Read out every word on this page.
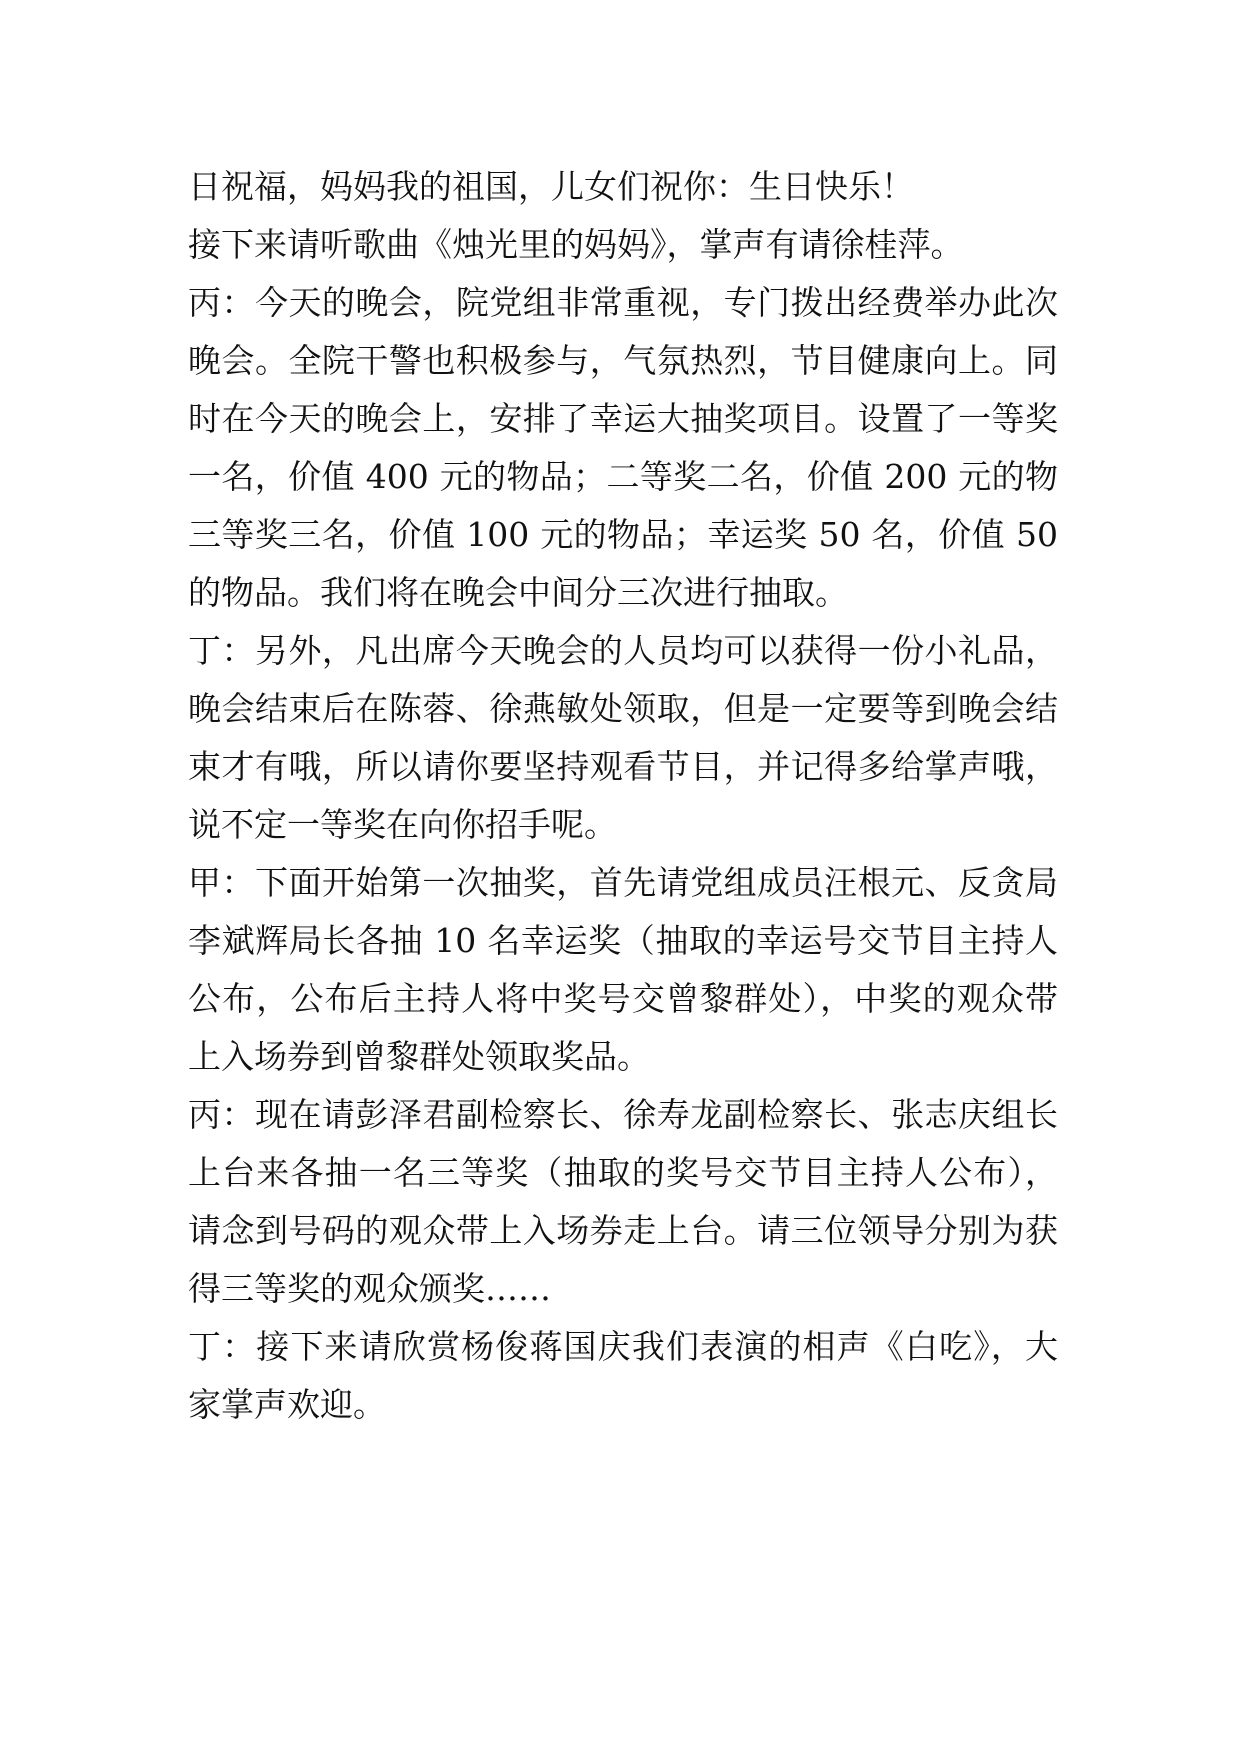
日祝福，妈妈我的祖国，儿女们祝你：生日快乐！
接下来请听歌曲《烛光里的妈妈》，掌声有请徐桂萍。
丙：今天的晚会，院党组非常重视，专门拨出经费举办此次
晚会。全院干警也积极参与，气氛热烈，节目健康向上。同
时在今天的晚会上，安排了幸运大抽奖项目。设置了一等奖
一名，价值 400 元的物品；二等奖二名，价值 200 元的物
三等奖三名，价值 100 元的物品；幸运奖 50 名，价值 50
的物品。我们将在晚会中间分三次进行抽取。
丁：另外，凡出席今天晚会的人员均可以获得一份小礼品，
晚会结束后在陈蓉、徐燕敏处领取，但是一定要等到晚会结
束才有哦，所以请你要坚持观看节目，并记得多给掌声哦，
说不定一等奖在向你招手呢。
甲：下面开始第一次抽奖，首先请党组成员汪根元、反贪局
李斌辉局长各抽 10 名幸运奖（抽取的幸运号交节目主持人
公布，公布后主持人将中奖号交曾黎群处），中奖的观众带
上入场券到曾黎群处领取奖品。
丙：现在请彭泽君副检察长、徐寿龙副检察长、张志庆组长
上台来各抽一名三等奖（抽取的奖号交节目主持人公布），
请念到号码的观众带上入场券走上台。请三位领导分别为获
得三等奖的观众颁奖……
丁：接下来请欣赏杨俊蒋国庆我们表演的相声《白吃》，大
家掌声欢迎。
